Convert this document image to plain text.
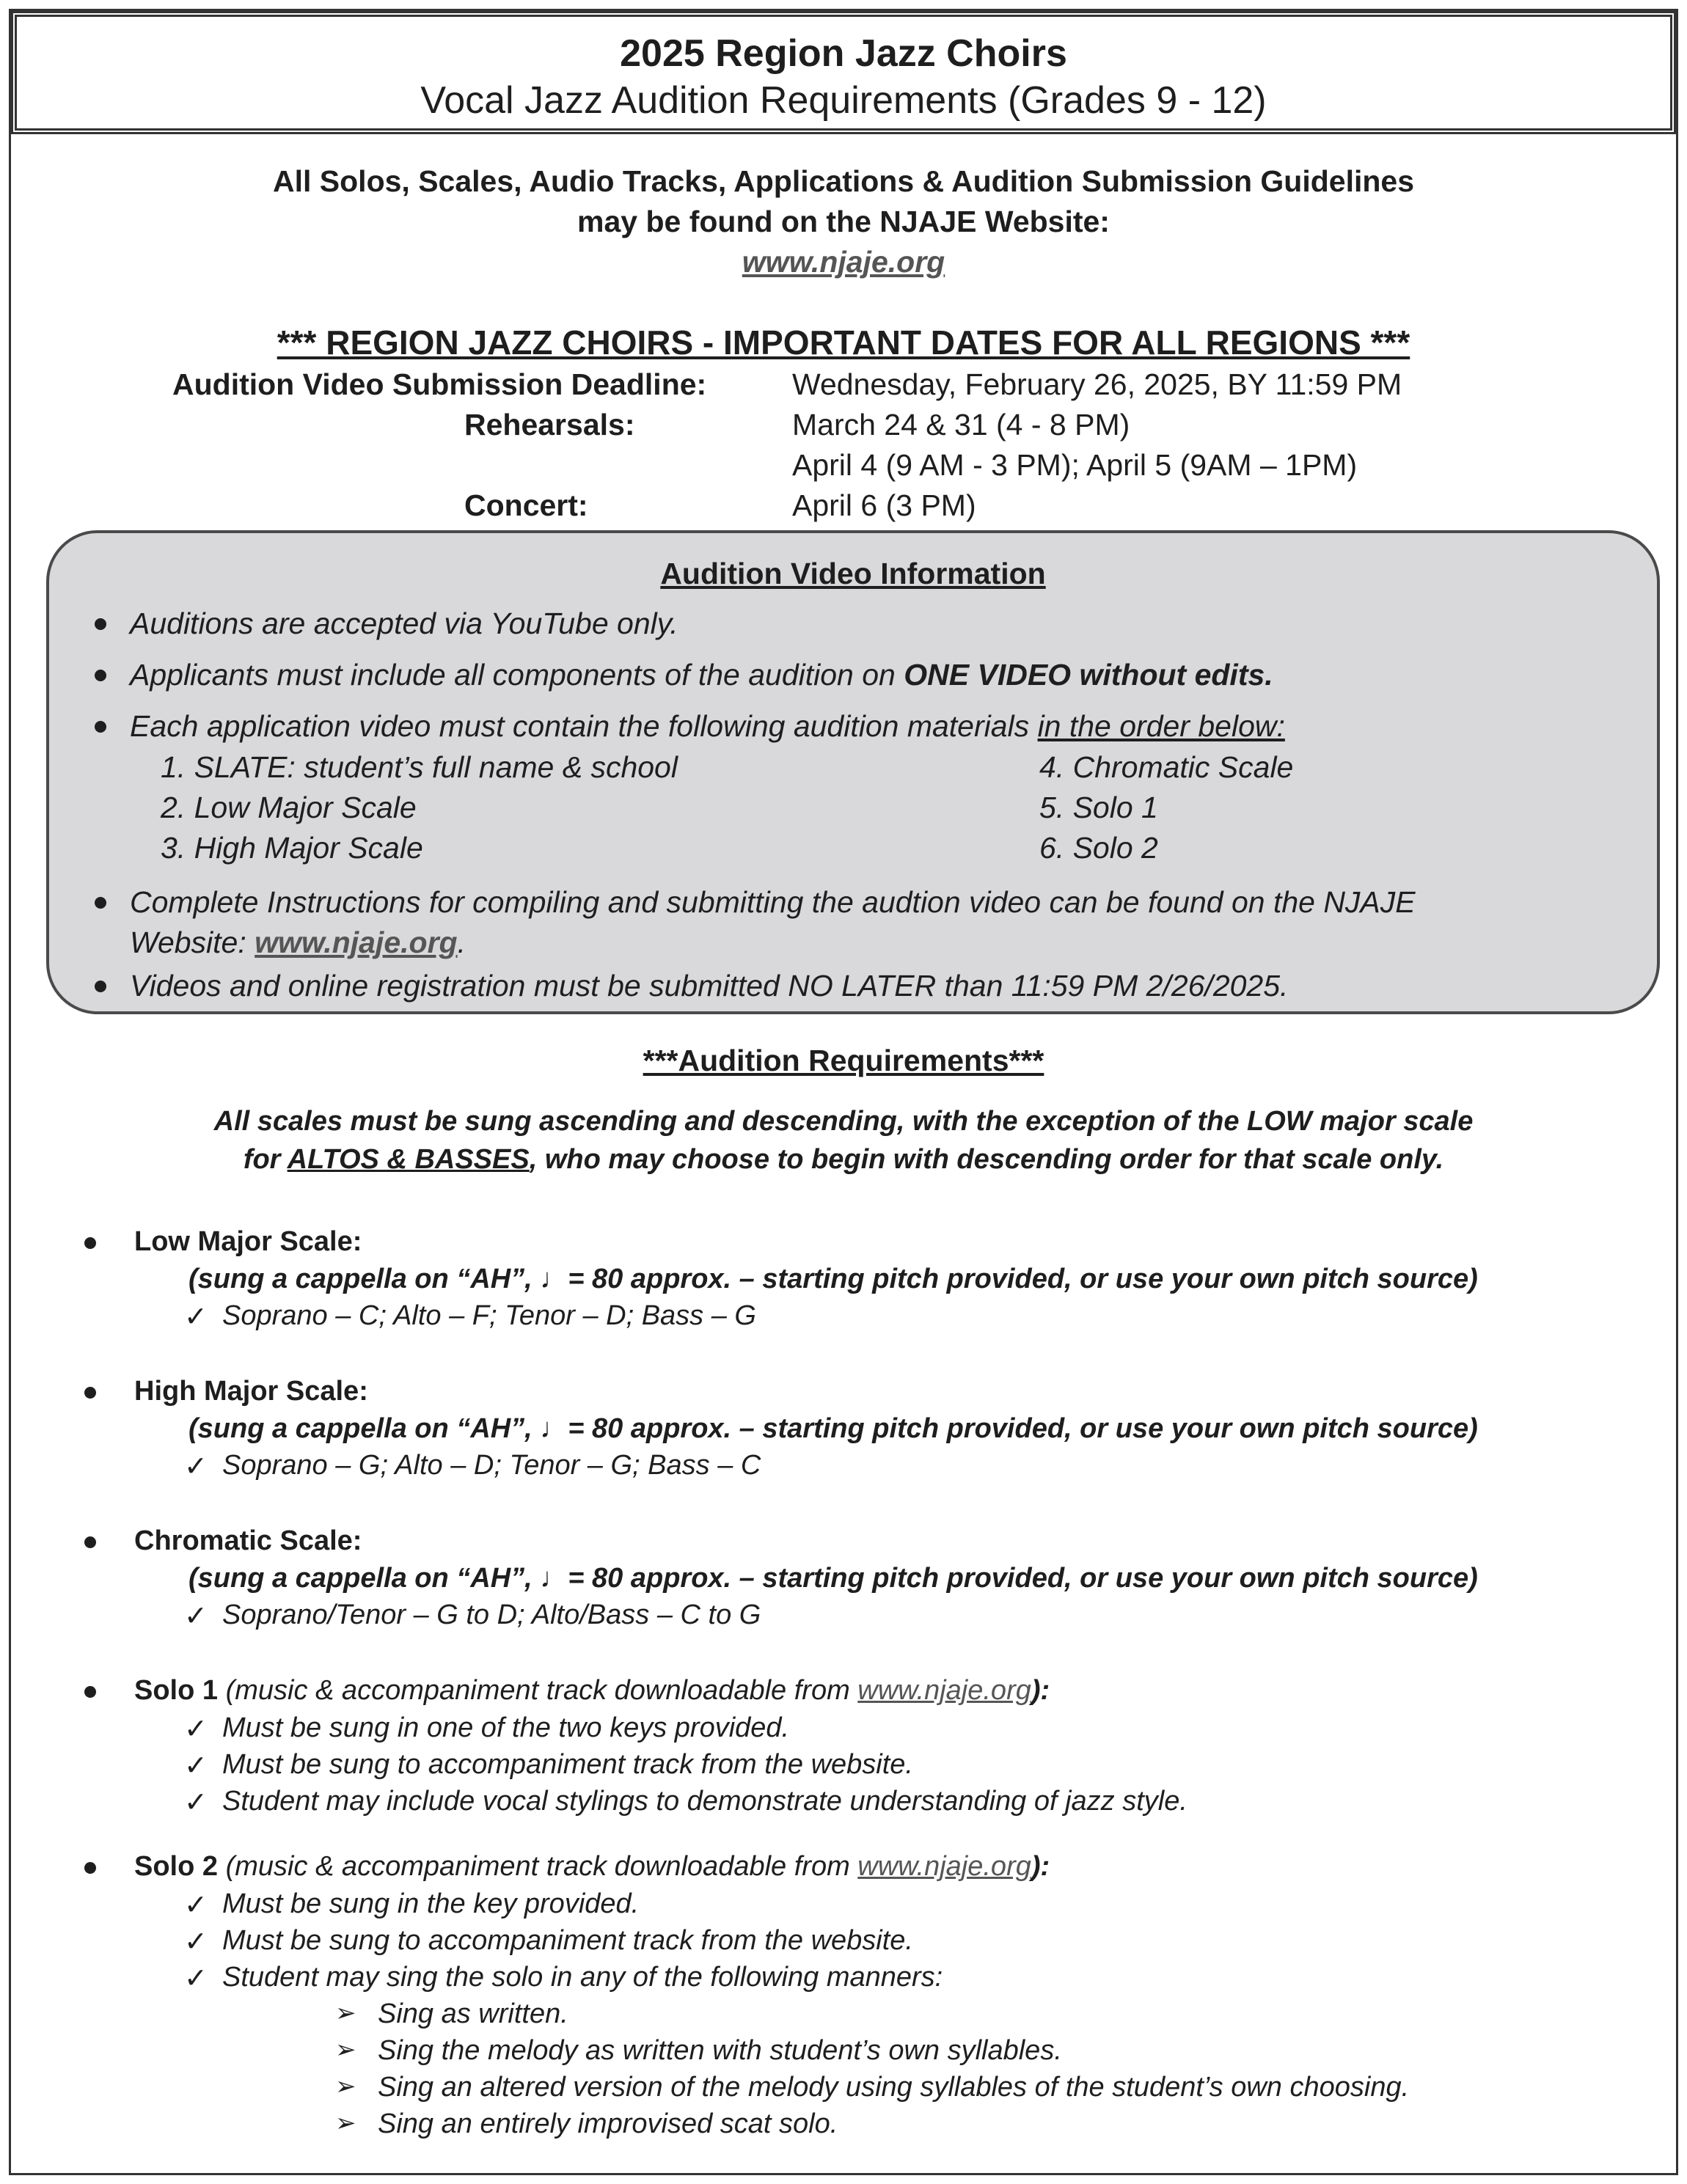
2025 Region Jazz Choirs
Vocal Jazz Audition Requirements (Grades 9 - 12)
All Solos, Scales, Audio Tracks, Applications & Audition Submission Guidelines
may be found on the NJAJE Website:
www.njaje.org
*** REGION JAZZ CHOIRS - IMPORTANT DATES FOR ALL REGIONS ***
Audition Video Submission Deadline:	Wednesday, February 26, 2025, BY 11:59 PM
Rehearsals:	March 24 & 31 (4 - 8 PM)
April 4 (9 AM - 3 PM); April 5 (9AM – 1PM)
Concert:	April 6 (3 PM)
Audition Video Information
Auditions are accepted via YouTube only.
Applicants must include all components of the audition on ONE VIDEO without edits.
Each application video must contain the following audition materials in the order below:
1. SLATE: student’s full name & school
2. Low Major Scale
3. High Major Scale
4. Chromatic Scale
5. Solo 1
6. Solo 2
Complete Instructions for compiling and submitting the audtion video can be found on the NJAJE
Website: www.njaje.org.
Videos and online registration must be submitted NO LATER than 11:59 PM 2/26/2025.
***Audition Requirements***
All scales must be sung ascending and descending, with the exception of the LOW major scale
for ALTOS & BASSES, who may choose to begin with descending order for that scale only.
Low Major Scale:
(sung a cappella on “AH”, ♩= 80 approx. – starting pitch provided, or use your own pitch source)
✓ Soprano – C; Alto – F; Tenor – D; Bass – G
High Major Scale:
(sung a cappella on “AH”, ♩= 80 approx. – starting pitch provided, or use your own pitch source)
✓ Soprano – G; Alto – D; Tenor – G; Bass – C
Chromatic Scale:
(sung a cappella on “AH”, ♩= 80 approx. – starting pitch provided, or use your own pitch source)
✓ Soprano/Tenor – G to D; Alto/Bass – C to G
Solo 1 (music & accompaniment track downloadable from www.njaje.org):
✓ Must be sung in one of the two keys provided.
✓ Must be sung to accompaniment track from the website.
✓ Student may include vocal stylings to demonstrate understanding of jazz style.
Solo 2 (music & accompaniment track downloadable from www.njaje.org):
✓ Must be sung in the key provided.
✓ Must be sung to accompaniment track from the website.
✓ Student may sing the solo in any of the following manners:
➢ Sing as written.
➢ Sing the melody as written with student’s own syllables.
➢ Sing an altered version of the melody using syllables of the student’s own choosing.
➢ Sing an entirely improvised scat solo.
